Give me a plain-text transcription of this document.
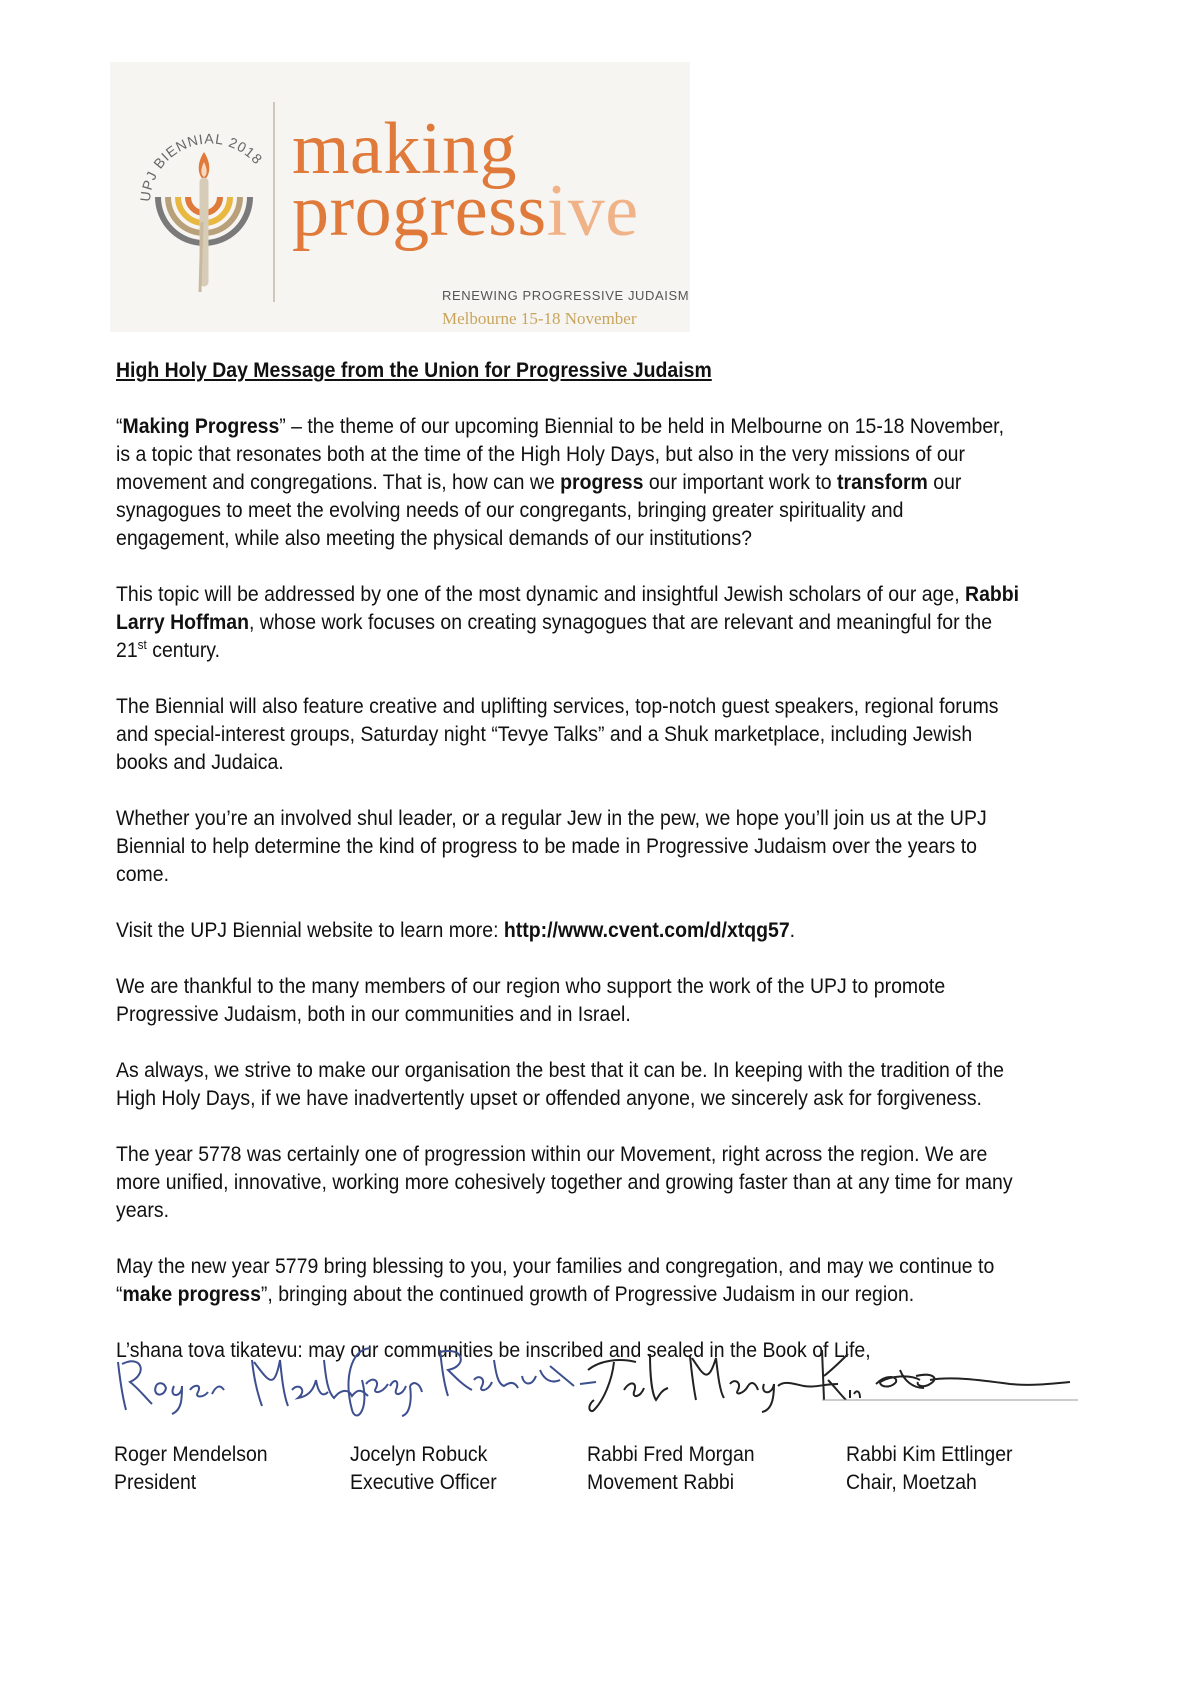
UPJ BIENNIAL 2018 making
progressive
RENEWING PROGRESSIVE JUDAISM
Melbourne 15-18 November

High Holy Day Message from the Union for Progressive Judaism

“Making Progress” – the theme of our upcoming Biennial to be held in Melbourne on 15-18 November, is a topic that resonates both at the time of the High Holy Days, but also in the very missions of our movement and congregations. That is, how can we progress our important work to transform our synagogues to meet the evolving needs of our congregants, bringing greater spirituality and engagement, while also meeting the physical demands of our institutions?

This topic will be addressed by one of the most dynamic and insightful Jewish scholars of our age, Rabbi Larry Hoffman, whose work focuses on creating synagogues that are relevant and meaningful for the 21st century.

The Biennial will also feature creative and uplifting services, top-notch guest speakers, regional forums and special-interest groups, Saturday night “Tevye Talks” and a Shuk marketplace, including Jewish books and Judaica.

Whether you’re an involved shul leader, or a regular Jew in the pew, we hope you’ll join us at the UPJ Biennial to help determine the kind of progress to be made in Progressive Judaism over the years to come.

Visit the UPJ Biennial website to learn more: http://www.cvent.com/d/xtqg57.

We are thankful to the many members of our region who support the work of the UPJ to promote Progressive Judaism, both in our communities and in Israel.

As always, we strive to make our organisation the best that it can be. In keeping with the tradition of the High Holy Days, if we have inadvertently upset or offended anyone, we sincerely ask for forgiveness.

The year 5778 was certainly one of progression within our Movement, right across the region. We are more unified, innovative, working more cohesively together and growing faster than at any time for many years.

May the new year 5779 bring blessing to you, your families and congregation, and may we continue to “make progress”, bringing about the continued growth of Progressive Judaism in our region.

L’shana tova tikatevu: may our communities be inscribed and sealed in the Book of Life,

Roger Mendelson
President
Jocelyn Robuck
Executive Officer
Rabbi Fred Morgan
Movement Rabbi
Rabbi Kim Ettlinger
Chair, Moetzah
